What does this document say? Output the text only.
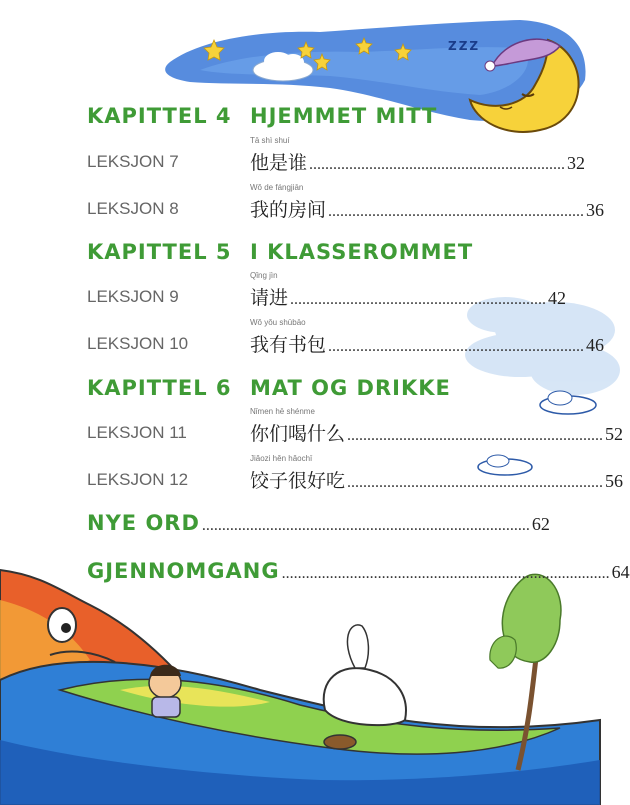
ZZZ
KAPITTEL 4 HJEMMET MITT
LEKSJON 7
Tā shì shuí
他是谁 ................................................................ 32
LEKSJON 8
Wǒ de fángjiān
我的房间 ................................................................ 36
KAPITTEL 5 I KLASSEROMMET
LEKSJON 9
Qǐng jìn
请进 ................................................................ 42
LEKSJON 10
Wǒ yǒu shūbāo
我有书包 ................................................................ 46
KAPITTEL 6 MAT OG DRIKKE
LEKSJON 11
Nǐmen hē shénme
你们喝什么 ................................................................ 52
LEKSJON 12
Jiǎozi hěn hǎochī
饺子很好吃 ................................................................ 56
NYE ORD .................................................................................. 62
GJENNOMGANG .................................................................................. 64
